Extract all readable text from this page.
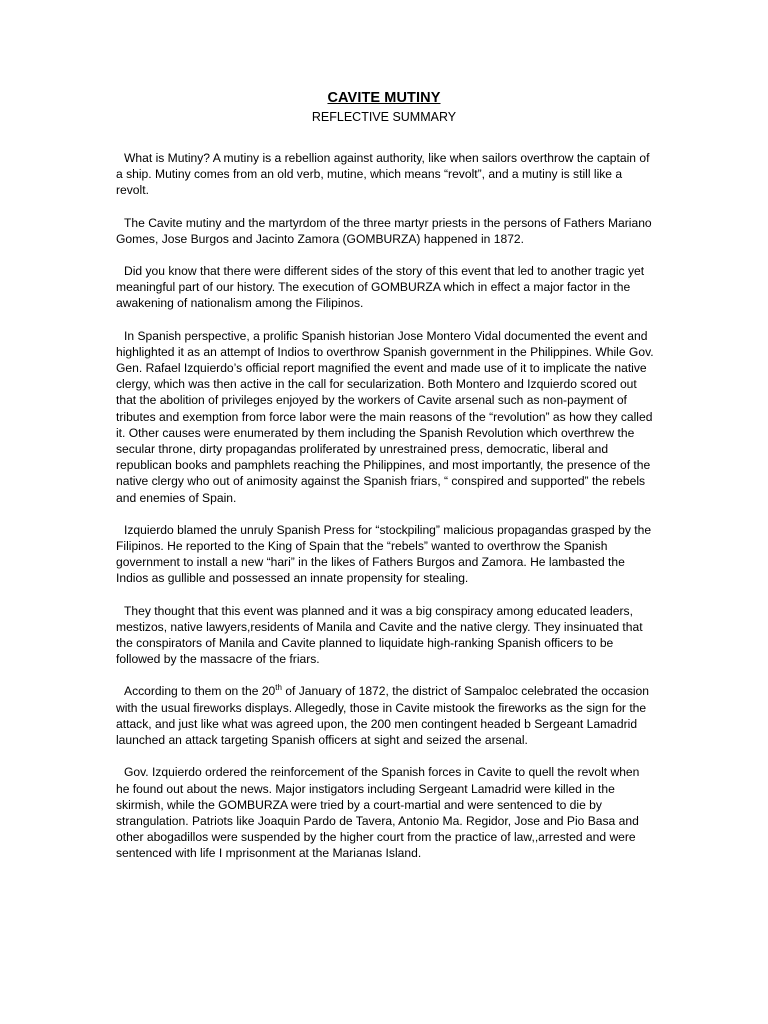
CAVITE MUTINY
REFLECTIVE SUMMARY

What is Mutiny? A mutiny is a rebellion against authority, like when sailors overthrow the captain of a ship. Mutiny comes from an old verb, mutine, which means “revolt”, and a mutiny is still like a revolt.

The Cavite mutiny and the martyrdom of the three martyr priests in the persons of Fathers Mariano Gomes, Jose Burgos and Jacinto Zamora (GOMBURZA) happened in 1872.

Did you know that there were different sides of the story of this event that led to another tragic yet meaningful part of our history. The execution of GOMBURZA which in effect a major factor in the awakening of nationalism among the Filipinos.

In Spanish perspective, a prolific Spanish historian Jose Montero Vidal documented the event and highlighted it as an attempt of Indios to overthrow Spanish government in the Philippines. While Gov. Gen. Rafael Izquierdo’s official report magnified the event and made use of it to implicate the native clergy, which was then active in the call for secularization. Both Montero and Izquierdo scored out that the abolition of privileges enjoyed by the workers of Cavite arsenal such as non-payment of tributes and exemption from force labor were the main reasons of the “revolution” as how they called it. Other causes were enumerated by them including the Spanish Revolution which overthrew the secular throne, dirty propagandas proliferated by unrestrained press, democratic, liberal and republican books and pamphlets reaching the Philippines, and most importantly, the presence of the native clergy who out of animosity against the Spanish friars, “ conspired and supported” the rebels and enemies of Spain.

Izquierdo blamed the unruly Spanish Press for “stockpiling” malicious propagandas grasped by the Filipinos. He reported to the King of Spain that the “rebels” wanted to overthrow the Spanish government to install a new “hari” in the likes of Fathers Burgos and Zamora. He lambasted the Indios as gullible and possessed an innate propensity for stealing.

They thought that this event was planned and it was a big conspiracy among educated leaders, mestizos, native lawyers,residents of Manila and Cavite and the native clergy. They insinuated that the conspirators of Manila and Cavite planned to liquidate high-ranking Spanish officers to be followed by the massacre of the friars.

According to them on the 20th of January of 1872, the district of Sampaloc celebrated the occasion with the usual fireworks displays. Allegedly, those in Cavite mistook the fireworks as the sign for the attack, and just like what was agreed upon, the 200 men contingent headed b Sergeant Lamadrid launched an attack targeting Spanish officers at sight and seized the arsenal.

Gov. Izquierdo ordered the reinforcement of the Spanish forces in Cavite to quell the revolt when he found out about the news. Major instigators including Sergeant Lamadrid were killed in the skirmish, while the GOMBURZA were tried by a court-martial and were sentenced to die by strangulation. Patriots like Joaquin Pardo de Tavera, Antonio Ma. Regidor, Jose and Pio Basa and other abogadillos were suspended by the higher court from the practice of law,,arrested and were sentenced with life I mprisonment at the Marianas Island.
